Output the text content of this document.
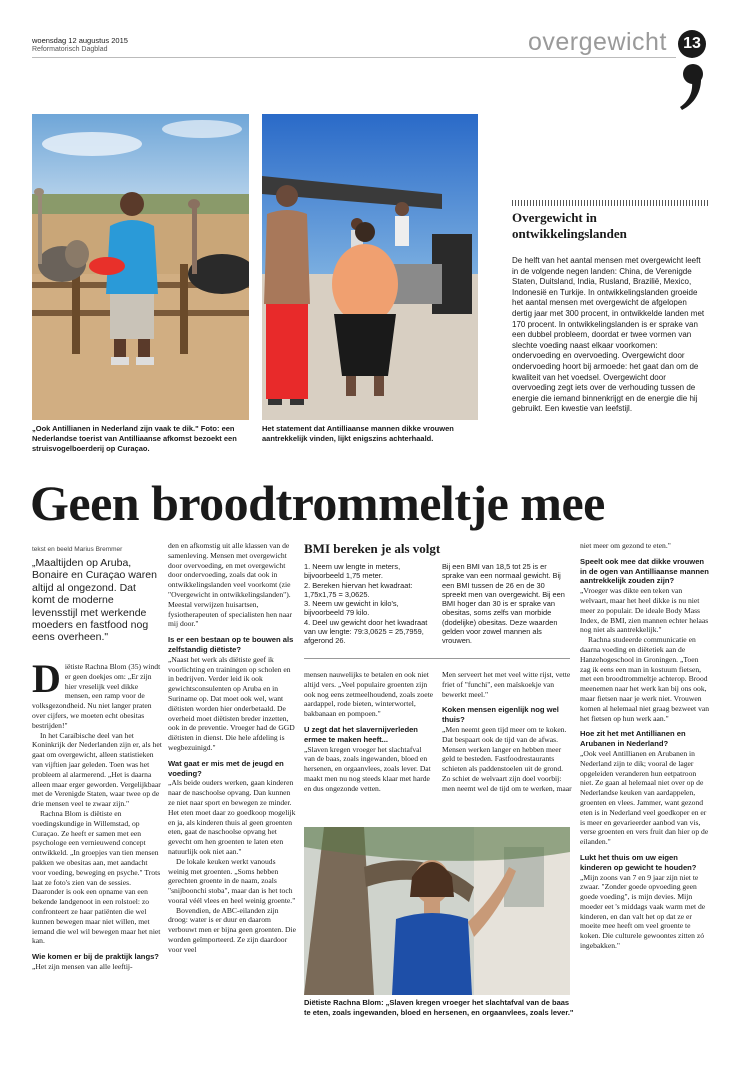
woensdag 12 augustus 2015
Reformatorisch Dagblad	overgewicht	13
„Ook Antillianen in Nederland zijn vaak te dik." Foto: een Nederlandse toerist van Antilliaanse afkomst bezoekt een struisvogelboerderij op Curaçao.
Het statement dat Antilliaanse mannen dikke vrouwen aantrekkelijk vinden, lijkt enigszins achterhaald.
Overgewicht in ontwikkelingslanden
De helft van het aantal mensen met overgewicht leeft in de volgende negen landen: China, de Verenigde Staten, Duitsland, India, Rusland, Brazilië, Mexico, Indonesië en Turkije. In ontwikkelingslanden groeide het aantal mensen met overgewicht de afgelopen dertig jaar met 300 procent, in ontwikkelde landen met 170 procent. In ontwikkelingslanden is er sprake van een dubbel probleem, doordat er twee vormen van slechte voeding naast elkaar voorkomen: ondervoeding en overvoeding. Overgewicht door ondervoeding hoort bij armoede: het gaat dan om de kwaliteit van het voedsel. Overgewicht door overvoeding zegt iets over de verhouding tussen de energie die iemand binnenkrijgt en de energie die hij gebruikt. Een kwestie van leefstijl.
Geen broodtrommeltje mee
tekst en beeld Marius Bremmer
„Maaltijden op Aruba, Bonaire en Curaçao waren altijd al ongezond. Dat komt de moderne levensstijl met werkende moeders en fastfood nog eens overheen."
D iëtiste Rachna Blom (35) windt er geen doekjes om: „Er zijn hier vreselijk veel dikke mensen, een ramp voor de volksgezondheid. Nu niet langer praten over cijfers, we moeten echt obesitas bestrijden!"

In het Caraïbische deel van het Koninkrijk der Nederlanden zijn er, als het gaat om overgewicht, alleen statistieken van vijftien jaar geleden. Toen was het probleem al alarmerend. „Het is daarna alleen maar erger geworden. Vergelijkbaar met de Verenigde Staten, waar twee op de drie mensen veel te zwaar zijn."

Rachna Blom is diëtiste en voedingskundige in Willemstad, op Curaçao. Ze heeft er samen met een psychologe een vernieuwend concept ontwikkeld. „In groepjes van tien mensen pakken we obesitas aan, met aandacht voor voeding, beweging en psyche." Trots laat ze foto's zien van de sessies. Daaronder is ook een opname van een bekende landgenoot in een rolstoel: zo confronteert ze haar patiënten die wel kunnen bewegen maar niet willen, met iemand die wel wil bewegen maar het niet kan.

Wie komen er bij de praktijk langs?

„Het zijn mensen van alle leeftij-

den en afkomstig uit alle klassen van de samenleving. Mensen met overgewicht door overvoeding, en met overgewicht door ondervoeding, zoals dat ook in ontwikkelingslanden veel voorkomt (zie "Overgewicht in ontwikkelingslanden"). Meestal verwijzen huisartsen, fysiotherapeuten of specialisten hen naar mij door."

Is er een bestaan op te bouwen als zelfstandig diëtiste?

„Naast het werk als diëtiste geef ik voorlichting en trainingen op scholen en in bedrijven. Verder leid ik ook gewichtsconsulenten op Aruba en in Suriname op. Dat moet ook wel, want diëtisten worden hier onderbetaald. De overheid moet diëtisten breder inzetten, ook in de preventie. Vroeger had de GGD diëtisten in dienst. Die hele afdeling is wegbezuinigd."

Wat gaat er mis met de jeugd en voeding?

„Als beide ouders werken, gaan kinderen naar de naschoolse opvang. Dan kunnen ze niet naar sport en bewegen ze minder. Het eten moet daar zo goedkoop mogelijk en ja, als kinderen thuis al geen groenten eten, gaat de naschoolse opvang het gevecht om hen groenten te laten eten natuurlijk ook niet aan."

De lokale keuken werkt vanouds weinig met groenten. „Soms hebben gerechten groente in de naam, zoals "snijboonchi stoba", maar dan is het toch vooral véél vlees en heel weinig groente."

Bovendien, de ABC-eilanden zijn droog: water is er duur en daarom verbouwt men er bijna geen groenten. Die worden geïmporteerd. Ze zijn daardoor voor veel

BMI bereken je als volgt
1. Neem uw lengte in meters, bijvoorbeeld 1,75 meter.
2. Bereken hiervan het kwadraat: 1,75x1,75 = 3,0625.
3. Neem uw gewicht in kilo's, bijvoorbeeld 79 kilo.
4. Deel uw gewicht door het kwadraat van uw lengte: 79:3,0625 = 25,7959, afgerond 26.
Bij een BMI van 18,5 tot 25 is er sprake van een normaal gewicht. Bij een BMI tussen de 26 en de 30 spreekt men van overgewicht. Bij een BMI hoger dan 30 is er sprake van obesitas, soms zelfs van morbide (dodelijke) obesitas. Deze waarden gelden voor zowel mannen als vrouwen.

mensen nauwelijks te betalen en ook niet altijd vers. „Veel populaire groenten zijn ook nog eens zetmeelhoudend, zoals zoete aardappel, rode bieten, winterwortel, bakbanaan en pompoen."

U zegt dat het slavernijverleden ermee te maken heeft...

„Slaven kregen vroeger het slachtafval van de baas, zoals ingewanden, bloed en hersenen, en orgaanvlees, zoals lever. Dat maakt men nu nog steeds klaar met harde en dus ongezonde vetten.

Men serveert het met veel witte rijst, vette friet of "funchi", een maïskoekje van bewerkt meel."

Koken mensen eigenlijk nog wel thuis?

„Men neemt geen tijd meer om te koken. Dat bespaart ook de tijd van de afwas. Mensen werken langer en hebben meer geld te besteden. Fastfoodrestaurants schieten als paddenstoelen uit de grond. Zo schiet de welvaart zijn doel voorbij: men neemt wel de tijd om te werken, maar

Diëtiste Rachna Blom: „Slaven kregen vroeger het slachtafval van de baas te eten, zoals ingewanden, bloed en hersenen, en orgaanvlees, zoals lever."

niet meer om gezond te eten."

Speelt ook mee dat dikke vrouwen in de ogen van Antilliaanse mannen aantrekkelijk zouden zijn?

„Vroeger was dikte een teken van welvaart, maar het heel dikke is nu niet meer zo populair. De ideale Body Mass Index, de BMI, zien mannen echter helaas nog niet als aantrekkelijk."

Rachna studeerde communicatie en daarna voeding en diëtetiek aan de Hanzehogeschool in Groningen. „Toen zag ik eens een man in kostuum fietsen, met een broodtrommeltje achterop. Brood meenemen naar het werk kan bij ons ook, maar fietsen naar je werk niet. Vrouwen komen al helemaal niet graag bezweet van het fietsen op hun werk aan."

Hoe zit het met Antillianen en Arubanen in Nederland?

„Ook veel Antillianen en Arubanen in Nederland zijn te dik; vooral de lager opgeleiden veranderen hun eetpatroon niet. Ze gaan al helemaal niet over op de Nederlandse keuken van aardappelen, groenten en vlees. Jammer, want gezond eten is in Nederland veel goedkoper en er is meer en gevarieerder aanbod van vis, verse groenten en vers fruit dan hier op de eilanden."

Lukt het thuis om uw eigen kinderen op gewicht te houden?

„Mijn zoons van 7 en 9 jaar zijn niet te zwaar. "Zonder goede opvoeding geen goede voeding", is mijn devies. Mijn moeder eet 's middags vaak warm met de kinderen, en dan valt het op dat ze er moeite mee heeft om veel groente te koken. Die culturele gewoontes zitten zó ingebakken."
